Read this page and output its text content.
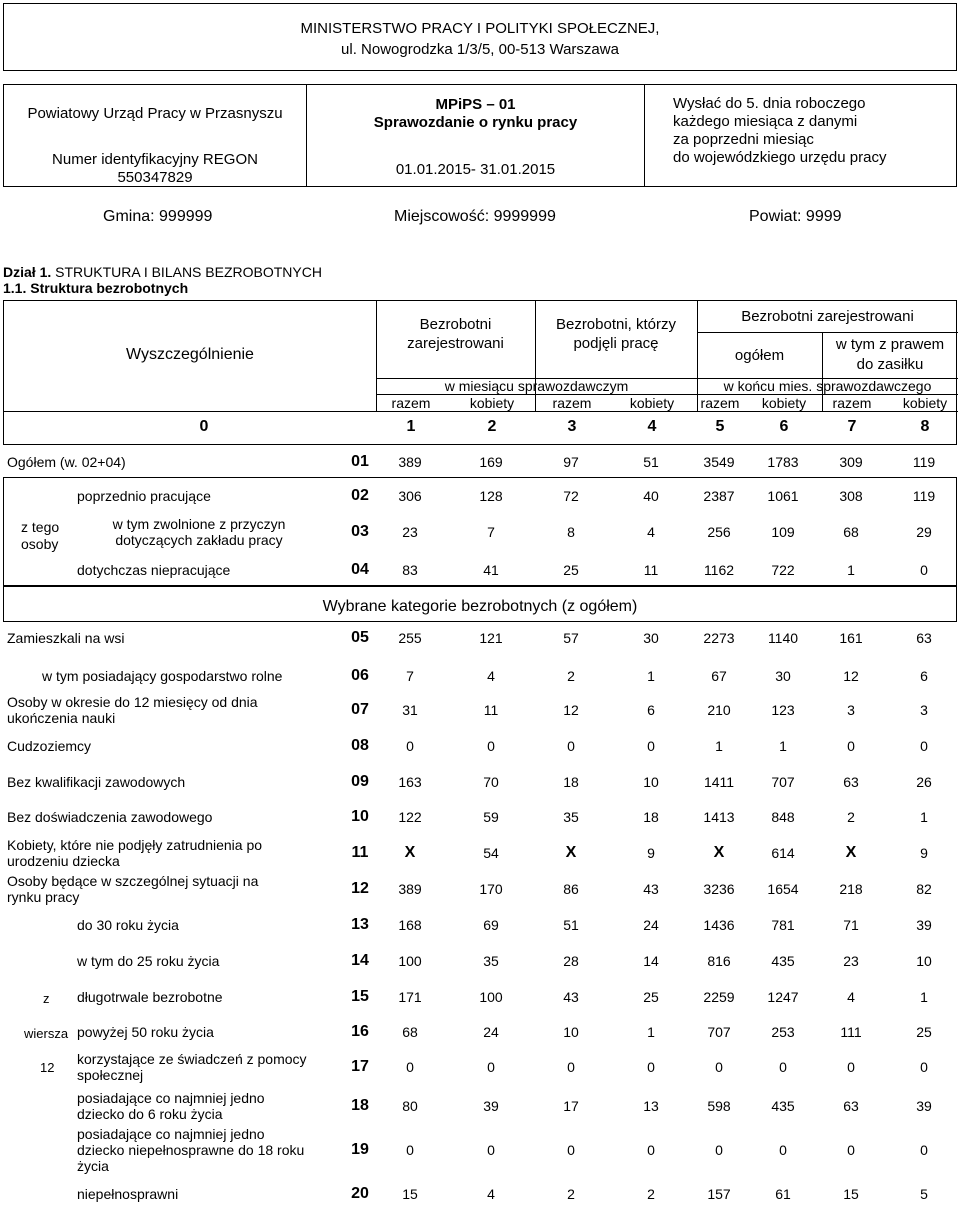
MINISTERSTWO PRACY I POLITYKI SPOŁECZNEJ,
ul. Nowogrodzka 1/3/5, 00-513 Warszawa
Powiatowy Urząd Pracy w Przasnyszu
Numer identyfikacyjny REGON
550347829
MPiPS – 01
Sprawozdanie o rynku pracy
01.01.2015- 31.01.2015
Wysłać do 5. dnia roboczego
każdego miesiąca z danymi
za poprzedni miesiąc
do wojewódzkiego urzędu pracy
Gmina: 999999	Miejscowość: 9999999	Powiat: 9999
Dział 1. STRUKTURA I BILANS BEZROBOTNYCH
1.1. Struktura bezrobotnych
Wyszczególnienie
Bezrobotni
zarejestrowani
Bezrobotni, którzy
podjęli pracę
Bezrobotni zarejestrowani
ogółem
w tym z prawem
do zasiłku
w miesiącu sprawozdawczym	w końcu mies. sprawozdawczego
razem	kobiety	razem	kobiety	razem	kobiety	razem	kobiety
0	1	2	3	4	5	6	7	8
z tego
osoby
Wybrane kategorie bezrobotnych (z ogółem)
z
wiersza
12
Ogółem (w. 02+04)	01	389	169	97	51	3549	1783	309	119
poprzednio pracujące	02	306	128	72	40	2387	1061	308	119
w tym zwolnione z przyczyn
dotyczących zakładu pracy	03	23	7	8	4	256	109	68	29
dotychczas niepracujące	04	83	41	25	11	1162	722	1	0
Zamieszkali na wsi	05	255	121	57	30	2273	1140	161	63
w tym posiadający gospodarstwo rolne	06	7	4	2	1	67	30	12	6
Osoby w okresie do 12 miesięcy od dnia
ukończenia nauki	07	31	11	12	6	210	123	3	3
Cudzoziemcy	08	0	0	0	0	1	1	0	0
Bez kwalifikacji zawodowych	09	163	70	18	10	1411	707	63	26
Bez doświadczenia zawodowego	10	122	59	35	18	1413	848	2	1
Kobiety, które nie podjęły zatrudnienia po
urodzeniu dziecka	11	X	54	X	9	X	614	X	9
Osoby będące w szczególnej sytuacji na
rynku pracy	12	389	170	86	43	3236	1654	218	82
do 30 roku życia	13	168	69	51	24	1436	781	71	39
w tym do 25 roku życia	14	100	35	28	14	816	435	23	10
długotrwale bezrobotne	15	171	100	43	25	2259	1247	4	1
powyżej 50 roku życia	16	68	24	10	1	707	253	111	25
korzystające ze świadczeń z pomocy
społecznej	17	0	0	0	0	0	0	0	0
posiadające co najmniej jedno
dziecko do 6 roku życia	18	80	39	17	13	598	435	63	39
posiadające co najmniej jedno
dziecko niepełnosprawne do 18 roku
życia
19	0	0	0	0	0	0	0	0
niepełnosprawni	20	15	4	2	2	157	61	15	5
